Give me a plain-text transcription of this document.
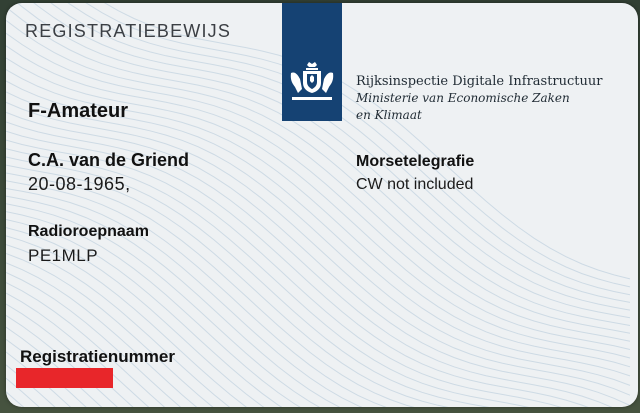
REGISTRATIEBEWIJS
Rijksinspectie Digitale Infrastructuur
Ministerie van Economische Zaken
en Klimaat
F-Amateur
C.A. van de Griend
20-08-1965,
Morsetelegrafie
CW not included
Radioroepnaam
PE1MLP
Registratienummer
